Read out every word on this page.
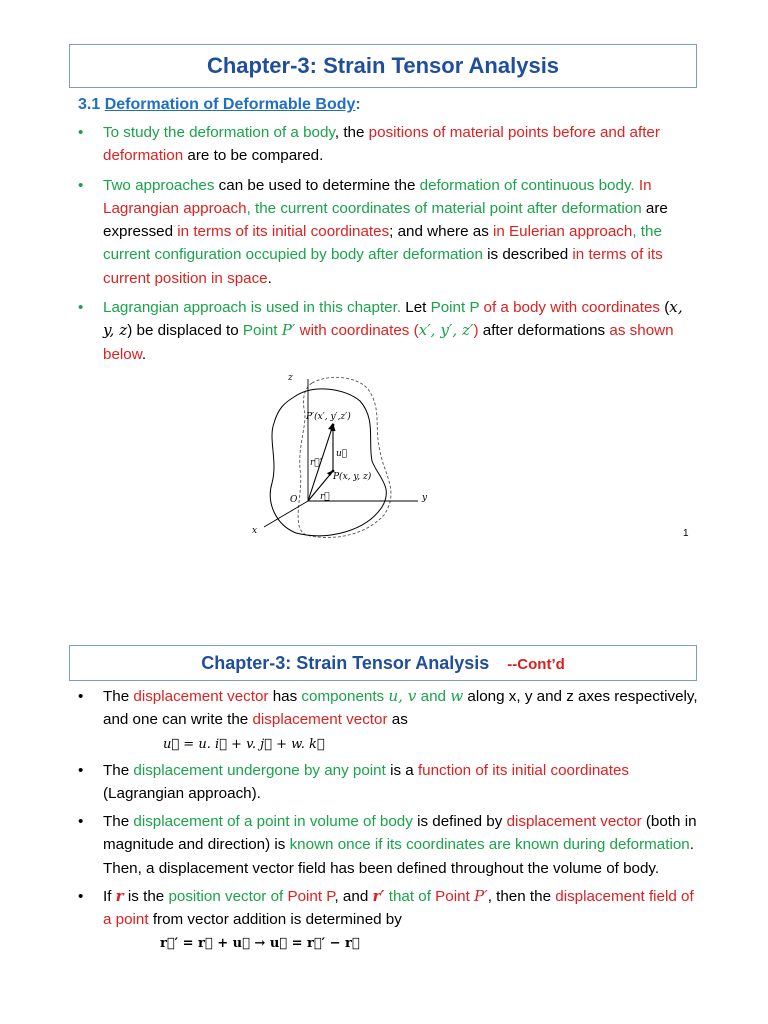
Chapter-3: Strain Tensor Analysis
3.1 Deformation of Deformable Body:
• To study the deformation of a body, the positions of material points before and after deformation are to be compared.
• Two approaches can be used to determine the deformation of continuous body. In Lagrangian approach, the current coordinates of material point after deformation are expressed in terms of its initial coordinates; and where as in Eulerian approach, the current configuration occupied by body after deformation is described in terms of its current position in space.
• Lagrangian approach is used in this chapter. Let Point P of a body with coordinates (x, y, z) be displaced to Point P′ with coordinates (x′, y′, z′) after deformations as shown below.
z
y
x
O
P′(x′, y′,z′)
P(x, y, z)
u⃗
r⃗
r⃗′
1
Chapter-3: Strain Tensor Analysis --Cont’d
• The displacement vector has components u, v and w along x, y and z axes respectively, and one can write the displacement vector as
u⃗ = u. i⃗ + v. j⃗ + w. k⃗
• The displacement undergone by any point is a function of its initial coordinates (Lagrangian approach).
• The displacement of a point in volume of body is defined by displacement vector (both in magnitude and direction) is known once if its coordinates are known during deformation. Then, a displacement vector field has been defined throughout the volume of body.
• If r is the position vector of Point P, and r′ that of Point P′, then the displacement field of a point from vector addition is determined by
r⃗′ = r⃗ + u⃗ → u⃗ = r⃗′ − r⃗
